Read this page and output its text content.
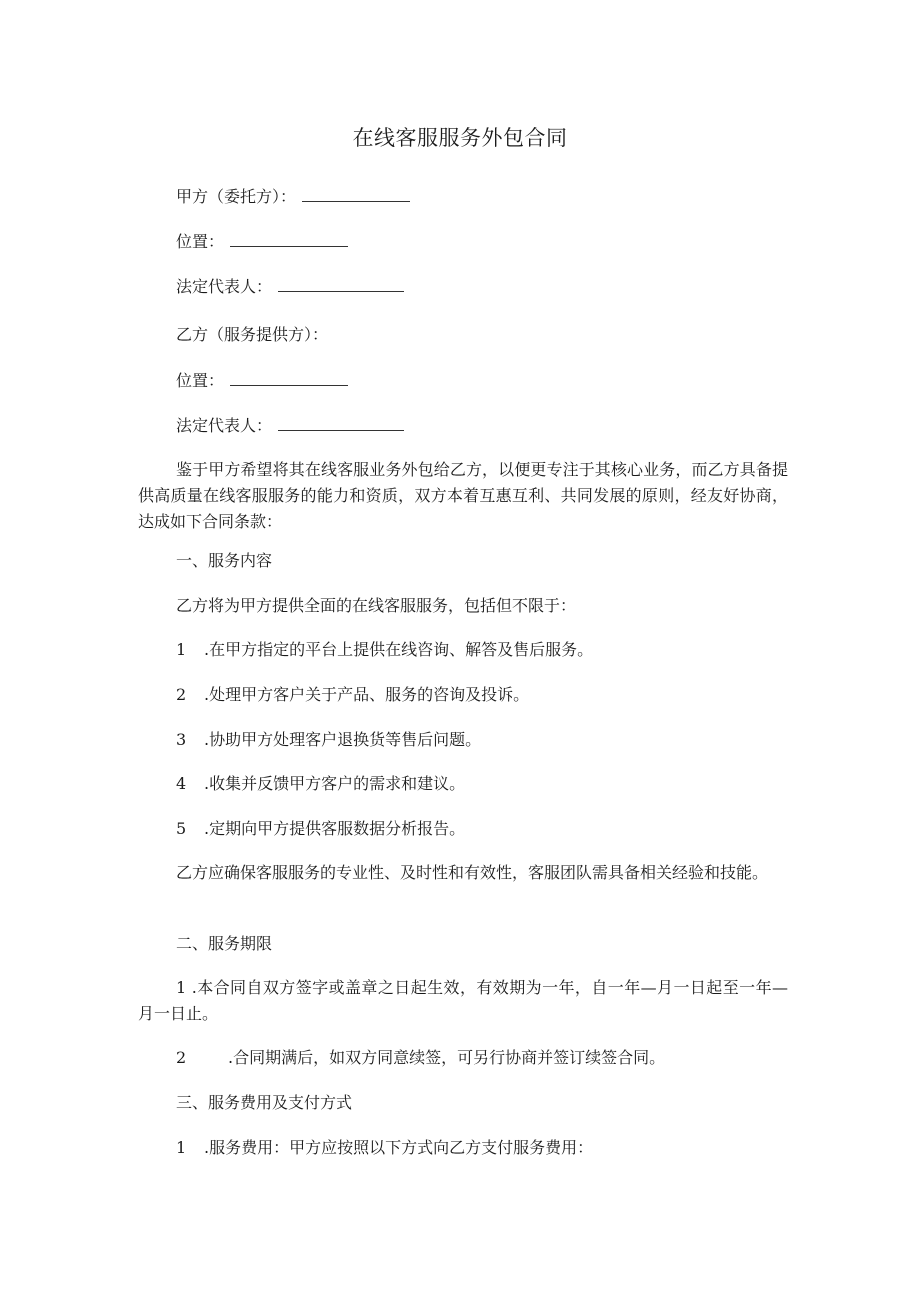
在线客服服务外包合同
甲方（委托方）：
位置：
法定代表人：
乙方（服务提供方）：
位置：
法定代表人：
鉴于甲方希望将其在线客服业务外包给乙方，以便更专注于其核心业务，而乙方具备提供高质量在线客服服务的能力和资质，双方本着互惠互利、共同发展的原则，经友好协商，达成如下合同条款：
一、服务内容
乙方将为甲方提供全面的在线客服服务，包括但不限于：
1 .在甲方指定的平台上提供在线咨询、解答及售后服务。
2 .处理甲方客户关于产品、服务的咨询及投诉。
3 .协助甲方处理客户退换货等售后问题。
4 .收集并反馈甲方客户的需求和建议。
5 .定期向甲方提供客服数据分析报告。
乙方应确保客服服务的专业性、及时性和有效性，客服团队需具备相关经验和技能。
二、服务期限
1 .本合同自双方签字或盖章之日起生效，有效期为一年，自一年—月一日起至一年—月一日止。
2	.合同期满后，如双方同意续签，可另行协商并签订续签合同。
三、服务费用及支付方式
1 .服务费用：甲方应按照以下方式向乙方支付服务费用：
